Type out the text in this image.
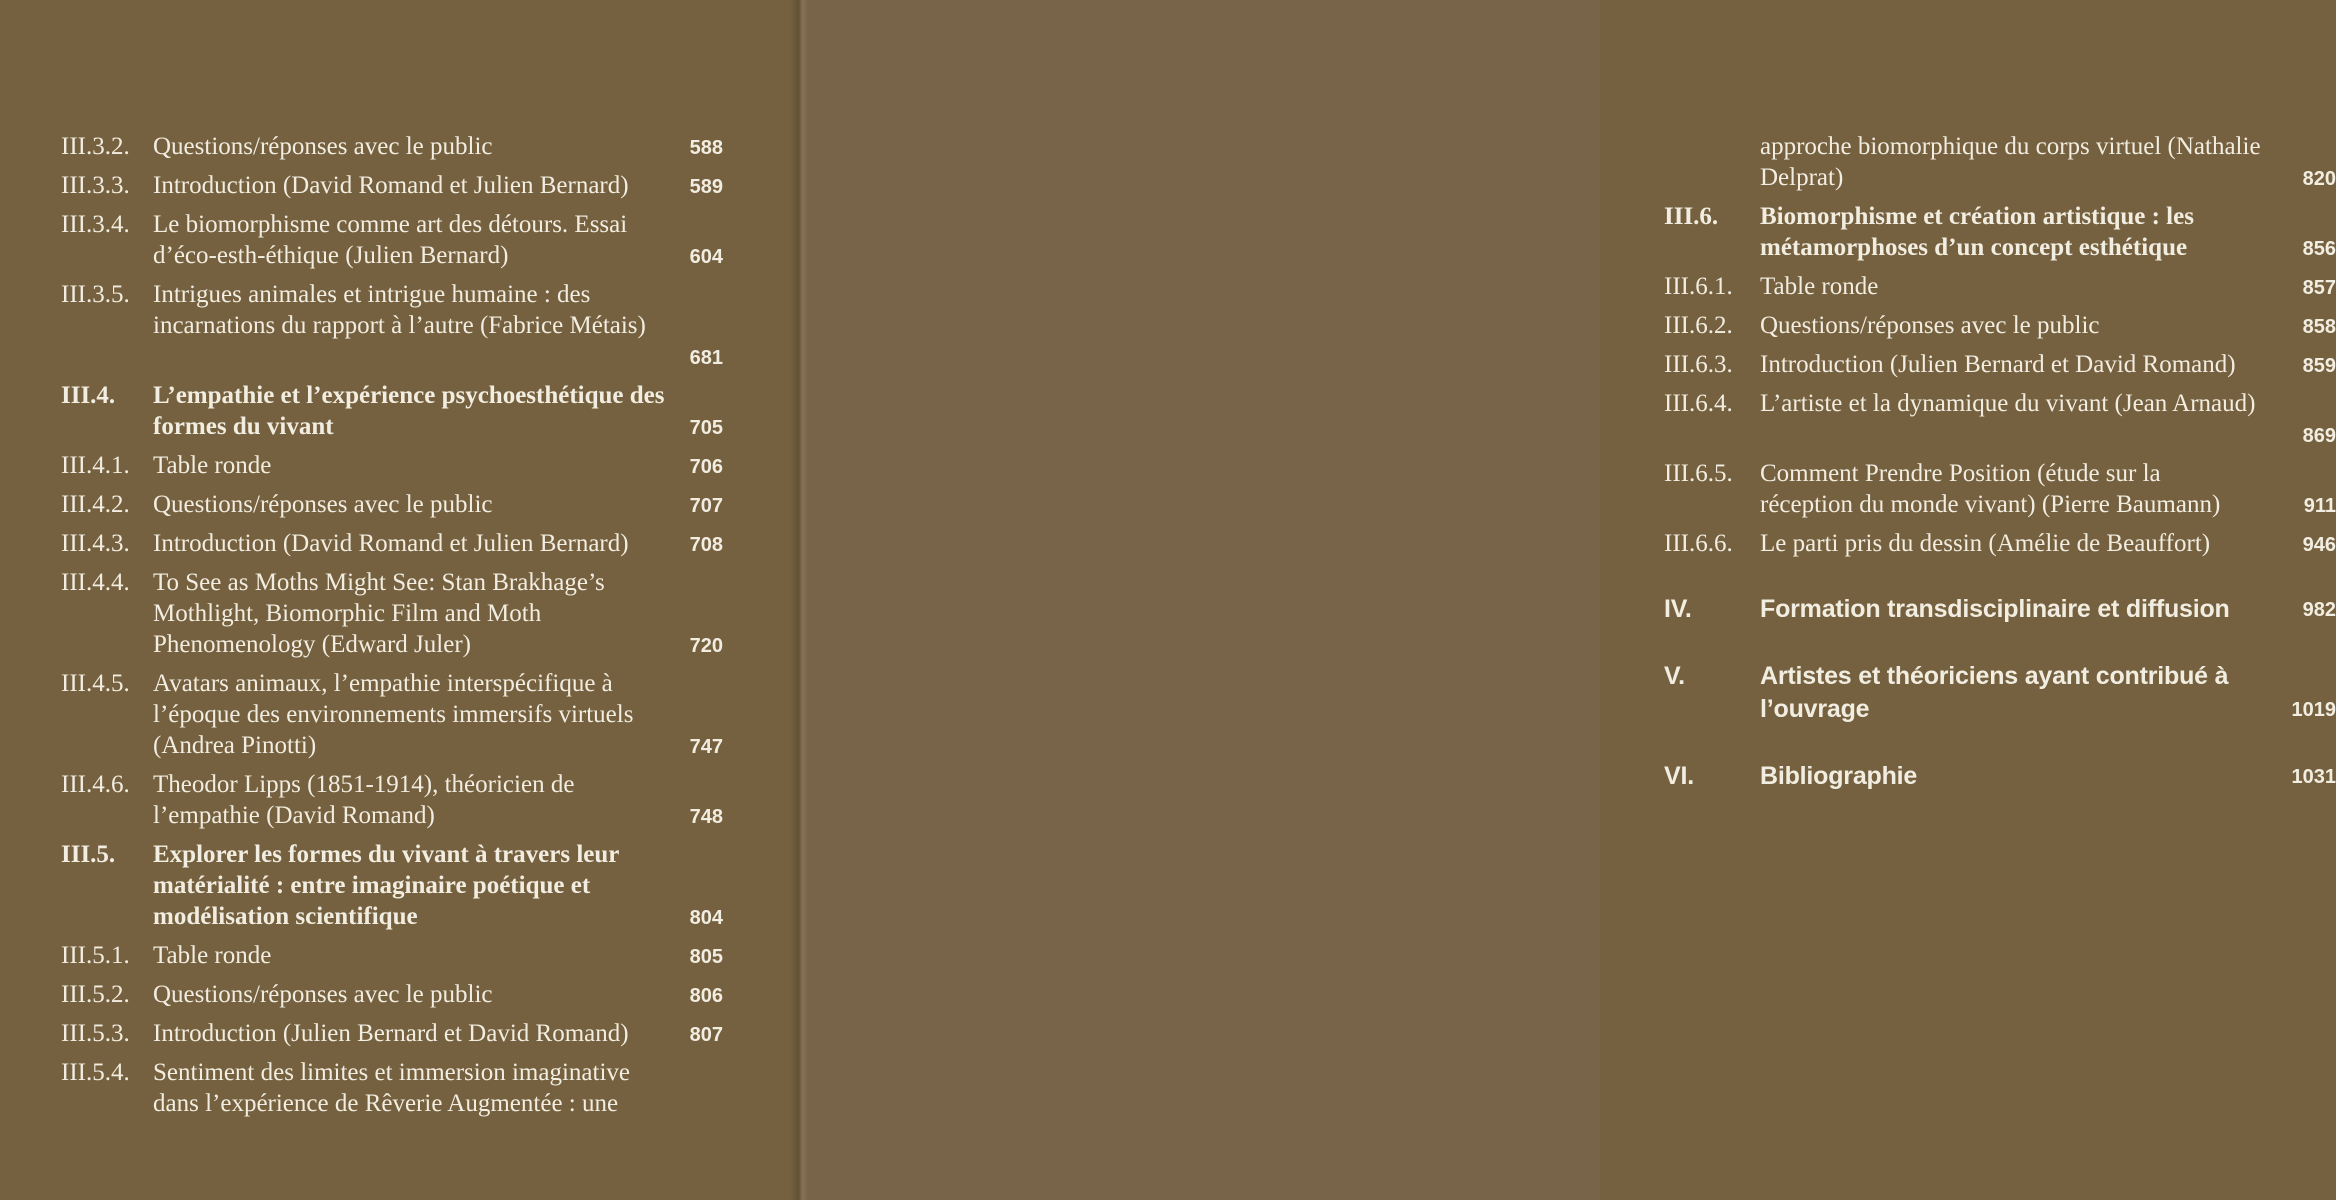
III.3.2. Questions/réponses avec le public	588
III.3.3. Introduction (David Romand et Julien Bernard)	589
III.3.4. Le biomorphisme comme art des détours. Essai
d’éco-esth-éthique (Julien Bernard)	604
III.3.5. Intrigues animales et intrigue humaine : des
incarnations du rapport à l’autre (Fabrice Métais)
681
III.4.	L’empathie et l’expérience psychoesthétique des
formes du vivant	705
III.4.1. Table ronde	706
III.4.2. Questions/réponses avec le public	707
III.4.3. Introduction (David Romand et Julien Bernard)	708
III.4.4. To See as Moths Might See: Stan Brakhage’s
Mothlight, Biomorphic Film and Moth
Phenomenology (Edward Juler)	720
III.4.5. Avatars animaux, l’empathie interspécifique à
l’époque des environnements immersifs virtuels
(Andrea Pinotti)	747
III.4.6. Theodor Lipps (1851-1914), théoricien de
l’empathie (David Romand)	748
III.5.	Explorer les formes du vivant à travers leur
matérialité : entre imaginaire poétique et
modélisation scientifique	804
III.5.1. Table ronde	805
III.5.2. Questions/réponses avec le public	806
III.5.3. Introduction (Julien Bernard et David Romand)	807
III.5.4. Sentiment des limites et immersion imaginative
dans l’expérience de Rêverie Augmentée : une
approche biomorphique du corps virtuel (Nathalie
Delprat)	820
III.6.	Biomorphisme et création artistique : les
métamorphoses d’un concept esthétique	856
III.6.1.	Table ronde	857
III.6.2.	Questions/réponses avec le public	858
III.6.3.	Introduction (Julien Bernard et David Romand)	859
III.6.4.	L’artiste et la dynamique du vivant (Jean Arnaud)
869
III.6.5.	Comment Prendre Position (étude sur la
réception du monde vivant) (Pierre Baumann)	911
III.6.6.	Le parti pris du dessin (Amélie de Beauffort)	946
IV.	Formation transdisciplinaire et diffusion	982
V.	Artistes et théoriciens ayant contribué à
l’ouvrage	1019
VI.	Bibliographie	1031
